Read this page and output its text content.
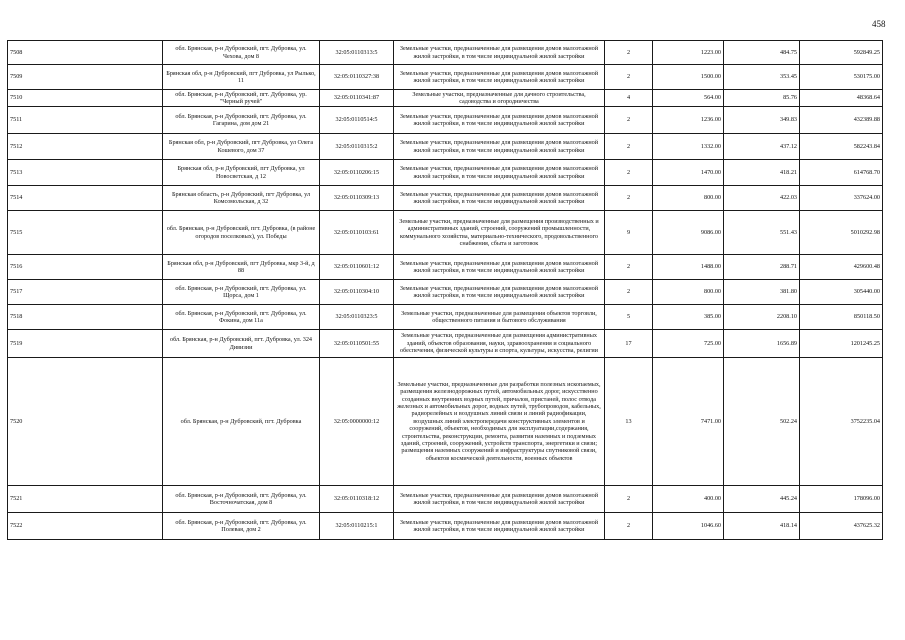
458
7508	обл. Брянская, р-н Дубровский, пгт. Дубровка, ул. Чехова, дом 8	32:05:0110313:5	Земельные участки, предназначенные для размещения домов малоэтажной жилой застройки, в том числе индивидуальной жилой застройки	2	1223.00	484.75	592849.25
7509	Брянская обл, р-н Дубровский, пгт Дубровка, ул Рылько, 11	32:05:0110327:38	Земельные участки, предназначенные для размещения домов малоэтажной жилой застройки, в том числе индивидуальной жилой застройки	2	1500.00	353.45	530175.00
7510	обл. Брянская, р-н Дубровский, пгт. Дубровка, ур. "Черный ручей"	32:05:0110341:87	Земельные участки, предназначенные для дачного строительства, садоводства и огородничества	4	564.00	85.76	48368.64
7511	обл. Брянская, р-н Дубровский, пгт. Дубровка, ул. Гагарина, дом дом 21	32:05:0110514:5	Земельные участки, предназначенные для размещения домов малоэтажной жилой застройки, в том числе индивидуальной жилой застройки	2	1236.00	349.83	432389.88
7512	Брянская обл, р-н Дубровский, пгт Дубровка, ул Олега Кошевого, дом 37	32:05:0110315:2	Земельные участки, предназначенные для размещения домов малоэтажной жилой застройки, в том числе индивидуальной жилой застройки	2	1332.00	437.12	582243.84
7513	Брянская обл, р-н Дубровский, пгт Дубровка, ул Новосветская, д 12	32:05:0110206:15	Земельные участки, предназначенные для размещения домов малоэтажной жилой застройки, в том числе индивидуальной жилой застройки	2	1470.00	418.21	614768.70
7514	Брянская область, р-н Дубровский, пгт Дубровка, ул Комсомольская, д 32	32:05:0110309:13	Земельные участки, предназначенные для размещения домов малоэтажной жилой застройки, в том числе индивидуальной жилой застройки	2	800.00	422.03	337624.00
7515	обл. Брянская, р-н Дубровский, пгт. Дубровка, (в районе огородов поселковых), ул. Победы	32:05:0110103:61	Земельные участки, предназначенные для размещения производственных и административных зданий, строений, сооружений промышленности, коммунального хозяйства, материально-технического, продовольственного снабжения, сбыта и заготовок	9	9086.00	551.43	5010292.98
7516	Брянская обл, р-н Дубровский, пгт Дубровка, мкр 3-й, д 88	32:05:0110601:12	Земельные участки, предназначенные для размещения домов малоэтажной жилой застройки, в том числе индивидуальной жилой застройки	2	1488.00	288.71	429600.48
7517	обл. Брянская, р-н Дубровский, пгт. Дубровка, ул. Щорса, дом 1	32:05:0110304:10	Земельные участки, предназначенные для размещения домов малоэтажной жилой застройки, в том числе индивидуальной жилой застройки	2	800.00	381.80	305440.00
7518	обл. Брянская, р-н Дубровский, пгт. Дубровка, ул. Фокина, дом 11а	32:05:0110323:5	Земельные участки, предназначенные для размещения объектов торговли, общественного питания и бытового обслуживания	5	385.00	2208.10	850118.50
7519	обл. Брянская, р-н Дубровский, пгт. Дубровка, ул. 324 Дивизии	32:05:0110501:55	Земельные участки, предназначенные для размещения административных зданий, объектов образования, науки, здравоохранения и социального обеспечения, физической культуры и спорта, культуры, искусства, религии	17	725.00	1656.89	1201245.25
7520	обл. Брянская, р-н Дубровский, пгт. Дубровка	32:05:0000000:12	Земельные участки, предназначенные для разработки полезных ископаемых, размещения железнодорожных путей, автомобильных дорог, искусственно созданных внутренних водных путей, причалов, пристаней, полос отвода железных и автомобильных дорог, водных путей, трубопроводов, кабельных, радиорелейных и воздушных линий связи и линий радиофикации, воздушных линий электропередачи конструктивных элементов и сооружений, объектов, необходимых для эксплуатации,содержания, строительства, реконструкции, ремонта, развития наземных и подземных зданий, строений, сооружений, устройств транспорта, энергетики и связи; размещения наземных сооружений и инфраструктуры спутниковой связи, объектов космической деятельности, военных объектов	13	7471.00	502.24	3752235.04
7521	обл. Брянская, р-н Дубровский, пгт. Дубровка, ул. Восточночатская, дом 8	32:05:0110318:12	Земельные участки, предназначенные для размещения домов малоэтажной жилой застройки, в том числе индивидуальной жилой застройки	2	400.00	445.24	178096.00
7522	обл. Брянская, р-н Дубровский, пгт. Дубровка, ул. Полевая, дом 2	32:05:0110215:1	Земельные участки, предназначенные для размещения домов малоэтажной жилой застройки, в том числе индивидуальной жилой застройки	2	1046.60	418.14	437625.32
